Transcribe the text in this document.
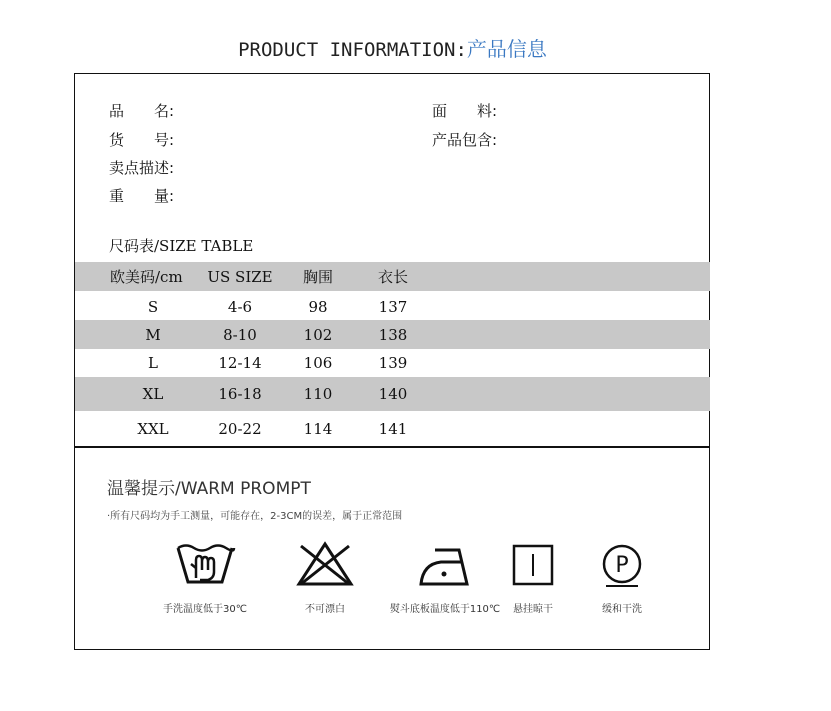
PRODUCT INFORMATION:产品信息
品　　名:
货　　号:
卖点描述:
重　　量:
面　　料:
产品包含:
尺码表/SIZE TABLE
欧美码/cm	US SIZE	胸围	衣长
S	4-6	98	137
M	8-10	102	138
L	12-14	106	139
XL	16-18	110	140
XXL	20-22	114	141
温馨提示/WARM PROMPT
·所有尺码均为手工测量，可能存在，2-3CM的误差，属于正常范围
手洗温度低于30℃	不可漂白	熨斗底板温度低于110℃	悬挂晾干
P
缓和干洗
